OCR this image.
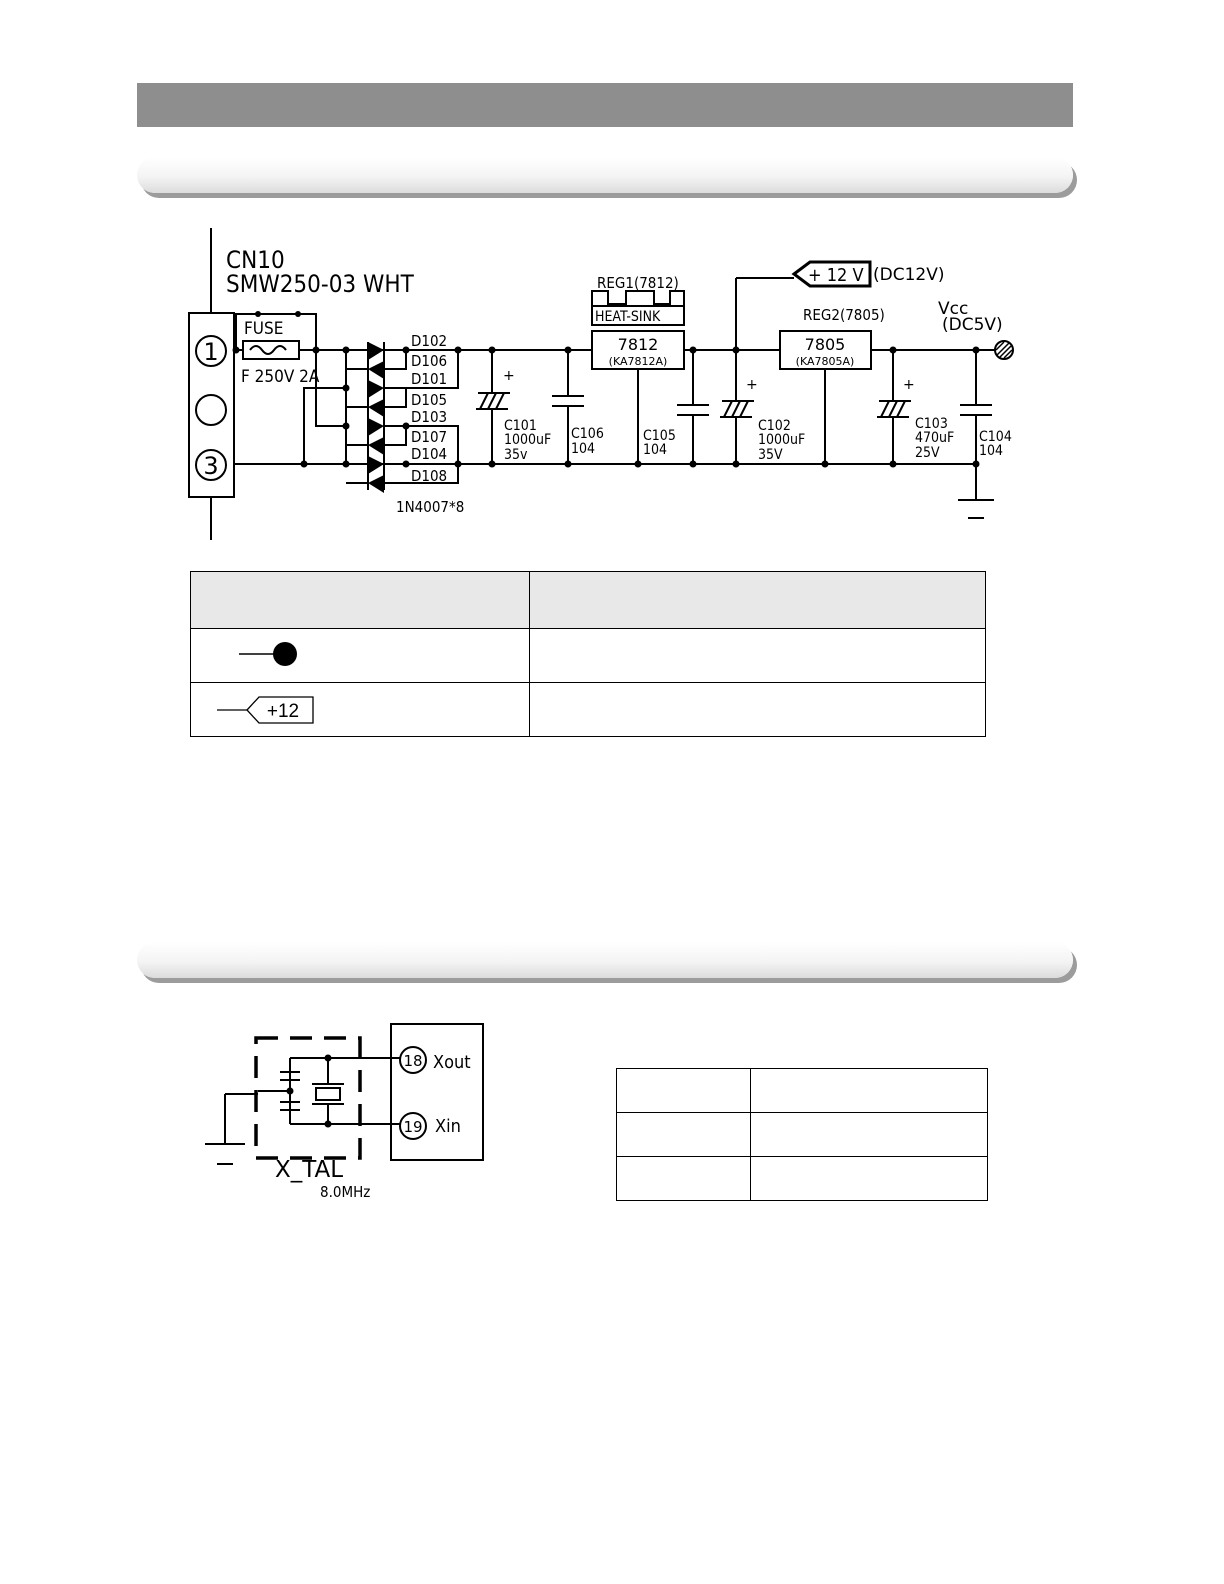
CN10
SMW250-03 WHT
1
3
FUSE
F 250V 2A
D102
D106
D101
D105
D103
D107
D104
D108
1N4007*8
REG1(7812)
HEAT-SINK
7812
(KA7812A)
REG2(7805)
7805
(KA7805A)
+ 12 V (DC12V)
Vcc
(DC5V)
+
+	+
C101
1000uF
35v
C106
104
C105
104
C102
1000uF
35V
C103
470uF
25V
C104
104

+12	

18 Xout
19 Xin
X_TAL
8.0MHz
